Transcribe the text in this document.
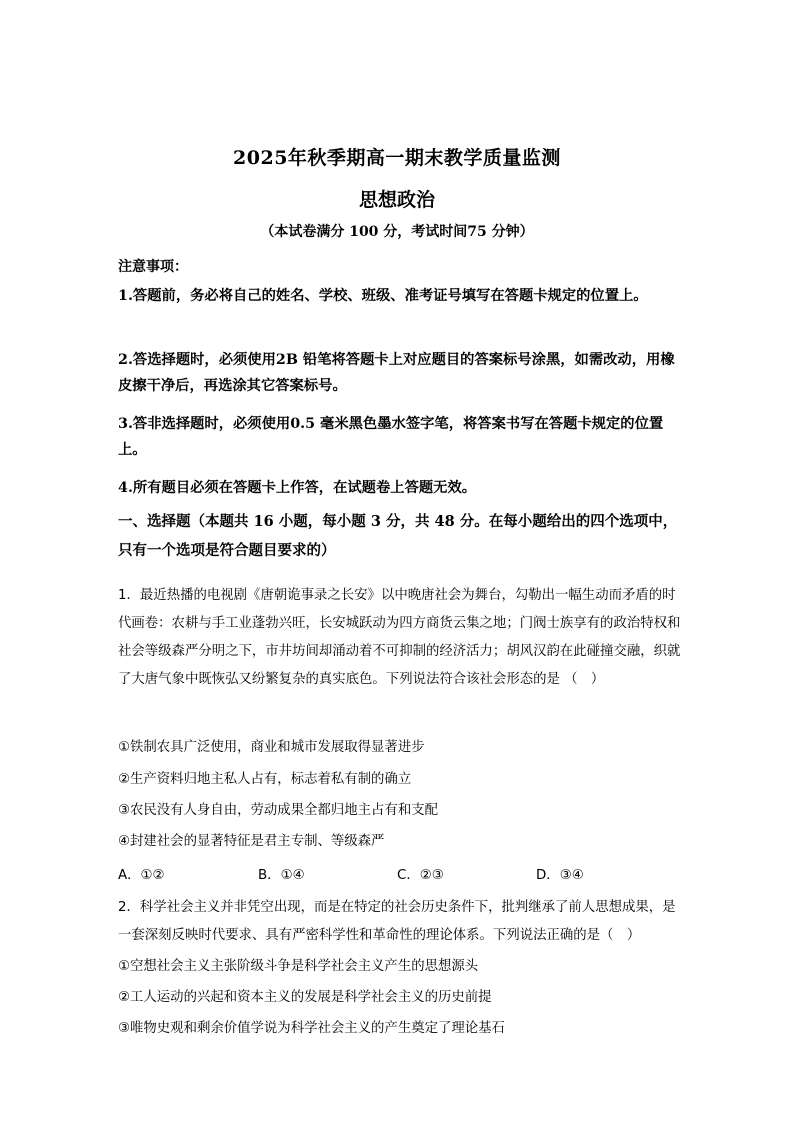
2025年秋季期高一期末教学质量监测
思想政治
（本试卷满分 100 分，考试时间75 分钟）
注意事项：
1.答题前，务必将自己的姓名、学校、班级、准考证号填写在答题卡规定的位置上。
2.答选择题时，必须使用2B 铅笔将答题卡上对应题目的答案标号涂黑，如需改动，用橡皮擦干净后，再选涂其它答案标号。
3.答非选择题时，必须使用0.5 毫米黑色墨水签字笔，将答案书写在答题卡规定的位置上。
4.所有题目必须在答题卡上作答，在试题卷上答题无效。
一、选择题（本题共 16 小题，每小题 3 分，共 48 分。在每小题给出的四个选项中，只有一个选项是符合题目要求的）
1．最近热播的电视剧《唐朝诡事录之长安》以中晚唐社会为舞台，勾勒出一幅生动而矛盾的时代画卷：农耕与手工业蓬勃兴旺，长安城跃动为四方商货云集之地；门阀士族享有的政治特权和社会等级森严分明之下，市井坊间却涌动着不可抑制的经济活力；胡风汉韵在此碰撞交融，织就了大唐气象中既恢弘又纷繁复杂的真实底色。下列说法符合该社会形态的是 （　）
①铁制农具广泛使用，商业和城市发展取得显著进步
②生产资料归地主私人占有，标志着私有制的确立
③农民没有人身自由，劳动成果全都归地主占有和支配
④封建社会的显著特征是君主专制、等级森严
A．①②	B．①④	C．②③	D．③④
2．科学社会主义并非凭空出现，而是在特定的社会历史条件下，批判继承了前人思想成果，是一套深刻反映时代要求、具有严密科学性和革命性的理论体系。下列说法正确的是（　）
①空想社会主义主张阶级斗争是科学社会主义产生的思想源头
②工人运动的兴起和资本主义的发展是科学社会主义的历史前提
③唯物史观和剩余价值学说为科学社会主义的产生奠定了理论基石
